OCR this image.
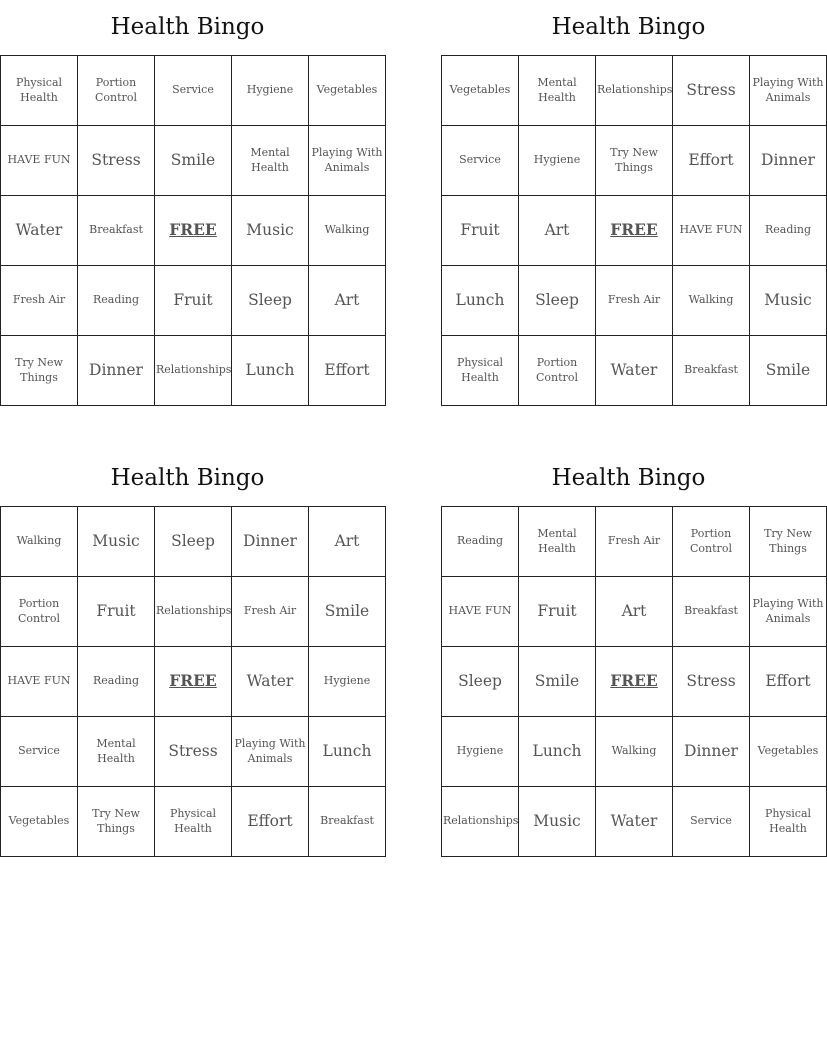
Health Bingo
Physical Health	Portion Control	Service	Hygiene	Vegetables
HAVE FUN	Stress	Smile	Mental Health	Playing With Animals
Water	Breakfast	FREE	Music	Walking
Fresh Air	Reading	Fruit	Sleep	Art
Try New Things	Dinner	Relationships	Lunch	Effort
Health Bingo
Vegetables	Mental Health	Relationships	Stress	Playing With Animals
Service	Hygiene	Try New Things	Effort	Dinner
Fruit	Art	FREE	HAVE FUN	Reading
Lunch	Sleep	Fresh Air	Walking	Music
Physical Health	Portion Control	Water	Breakfast	Smile
Health Bingo
Walking	Music	Sleep	Dinner	Art
Portion Control	Fruit	Relationships	Fresh Air	Smile
HAVE FUN	Reading	FREE	Water	Hygiene
Service	Mental Health	Stress	Playing With Animals	Lunch
Vegetables	Try New Things	Physical Health	Effort	Breakfast
Health Bingo
Reading	Mental Health	Fresh Air	Portion Control	Try New Things
HAVE FUN	Fruit	Art	Breakfast	Playing With Animals
Sleep	Smile	FREE	Stress	Effort
Hygiene	Lunch	Walking	Dinner	Vegetables
Relationships	Music	Water	Service	Physical Health
